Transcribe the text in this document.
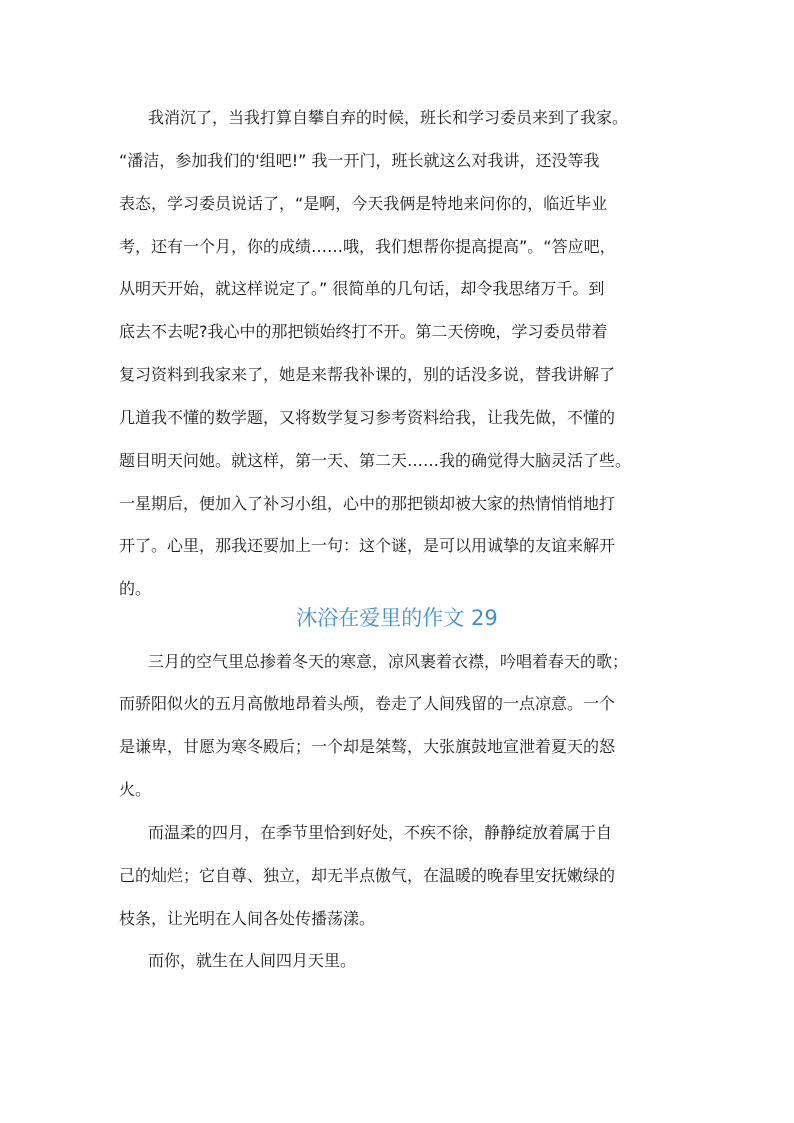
我消沉了，当我打算自攀自弃的时候，班长和学习委员来到了我家。
“潘洁，参加我们的'组吧!” 我一开门，班长就这么对我讲，还没等我
表态，学习委员说话了，“是啊，今天我俩是特地来问你的，临近毕业
考，还有一个月，你的成绩……哦，我们想帮你提高提高”。“答应吧，
从明天开始，就这样说定了。” 很简单的几句话，却令我思绪万千。到
底去不去呢?我心中的那把锁始终打不开。第二天傍晚，学习委员带着
复习资料到我家来了，她是来帮我补课的，别的话没多说，替我讲解了
几道我不懂的数学题，又将数学复习参考资料给我，让我先做，不懂的
题目明天问她。就这样，第一天、第二天……我的确觉得大脑灵活了些。
一星期后，便加入了补习小组，心中的那把锁却被大家的热情悄悄地打
开了。心里，那我还要加上一句：这个谜，是可以用诚挚的友谊来解开
的。
沐浴在爱里的作文 29
三月的空气里总掺着冬天的寒意，凉风裹着衣襟，吟唱着春天的歌；
而骄阳似火的五月高傲地昂着头颅，卷走了人间残留的一点凉意。一个
是谦卑，甘愿为寒冬殿后；一个却是桀骜，大张旗鼓地宣泄着夏天的怒
火。
而温柔的四月，在季节里恰到好处，不疾不徐，静静绽放着属于自
己的灿烂；它自尊、独立，却无半点傲气，在温暖的晚春里安抚嫩绿的
枝条，让光明在人间各处传播荡漾。
而你，就生在人间四月天里。
